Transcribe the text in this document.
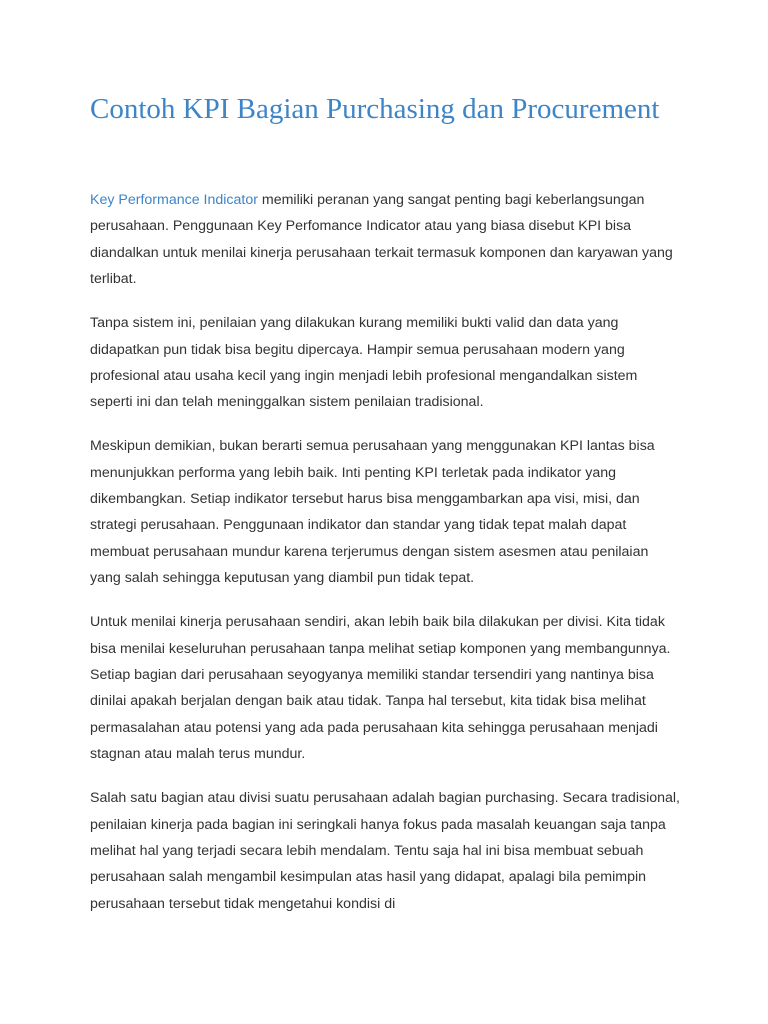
Contoh KPI Bagian Purchasing dan Procurement

Key Performance Indicator memiliki peranan yang sangat penting bagi keberlangsungan perusahaan. Penggunaan Key Perfomance Indicator atau yang biasa disebut KPI bisa diandalkan untuk menilai kinerja perusahaan terkait termasuk komponen dan karyawan yang terlibat.

Tanpa sistem ini, penilaian yang dilakukan kurang memiliki bukti valid dan data yang didapatkan pun tidak bisa begitu dipercaya. Hampir semua perusahaan modern yang profesional atau usaha kecil yang ingin menjadi lebih profesional mengandalkan sistem seperti ini dan telah meninggalkan sistem penilaian tradisional.

Meskipun demikian, bukan berarti semua perusahaan yang menggunakan KPI lantas bisa menunjukkan performa yang lebih baik. Inti penting KPI terletak pada indikator yang dikembangkan. Setiap indikator tersebut harus bisa menggambarkan apa visi, misi, dan strategi perusahaan. Penggunaan indikator dan standar yang tidak tepat malah dapat membuat perusahaan mundur karena terjerumus dengan sistem asesmen atau penilaian yang salah sehingga keputusan yang diambil pun tidak tepat.

Untuk menilai kinerja perusahaan sendiri, akan lebih baik bila dilakukan per divisi. Kita tidak bisa menilai keseluruhan perusahaan tanpa melihat setiap komponen yang membangunnya. Setiap bagian dari perusahaan seyogyanya memiliki standar tersendiri yang nantinya bisa dinilai apakah berjalan dengan baik atau tidak. Tanpa hal tersebut, kita tidak bisa melihat permasalahan atau potensi yang ada pada perusahaan kita sehingga perusahaan menjadi stagnan atau malah terus mundur.

Salah satu bagian atau divisi suatu perusahaan adalah bagian purchasing. Secara tradisional, penilaian kinerja pada bagian ini seringkali hanya fokus pada masalah keuangan saja tanpa melihat hal yang terjadi secara lebih mendalam. Tentu saja hal ini bisa membuat sebuah perusahaan salah mengambil kesimpulan atas hasil yang didapat, apalagi bila pemimpin perusahaan tersebut tidak mengetahui kondisi di
